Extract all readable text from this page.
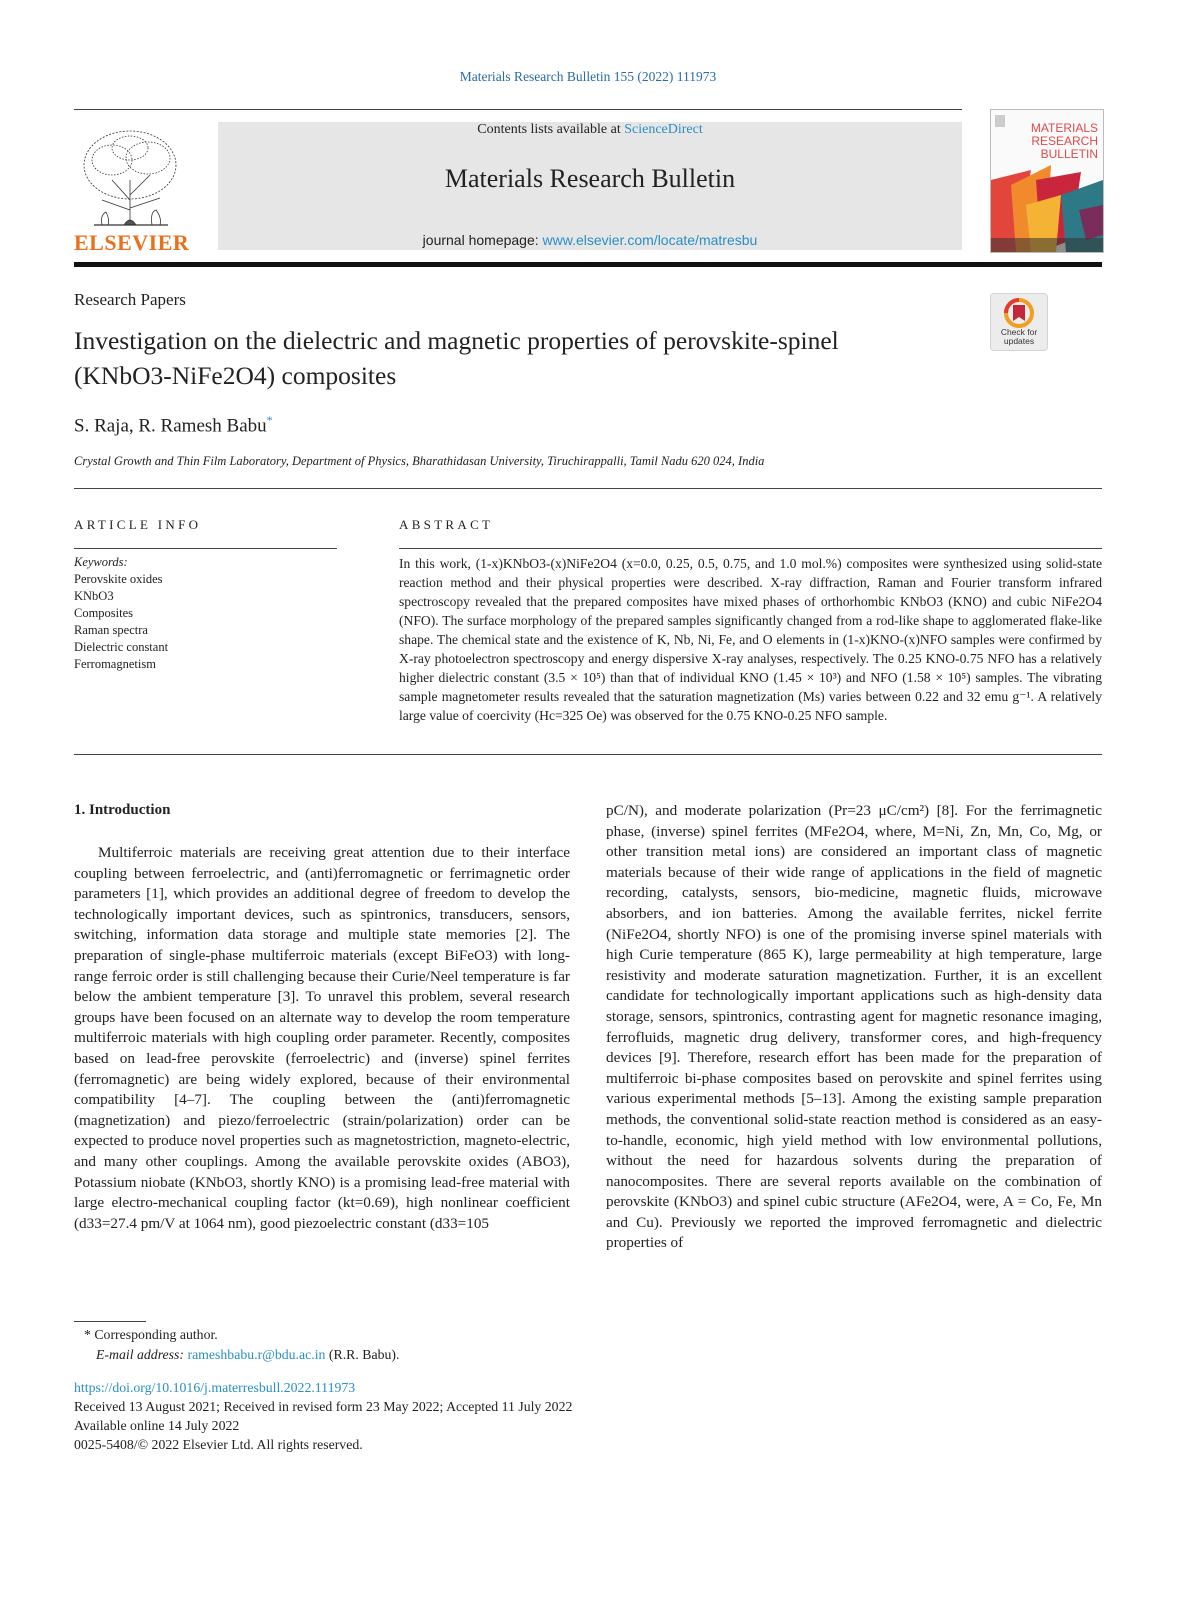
Materials Research Bulletin 155 (2022) 111973
ELSEVIER
Contents lists available at ScienceDirect
Materials Research Bulletin
journal homepage: www.elsevier.com/locate/matresbu
MATERIALS
RESEARCH
BULLETIN
Research Papers
Check for updates
Investigation on the dielectric and magnetic properties of perovskite-spinel
(KNbO3-NiFe2O4) composites
S. Raja, R. Ramesh Babu*
Crystal Growth and Thin Film Laboratory, Department of Physics, Bharathidasan University, Tiruchirappalli, Tamil Nadu 620 024, India
ARTICLE INFO	ABSTRACT
Keywords:
Perovskite oxides
KNbO3
Composites
Raman spectra
Dielectric constant
Ferromagnetism
In this work, (1-x)KNbO3-(x)NiFe2O4 (x=0.0, 0.25, 0.5, 0.75, and 1.0 mol.%) composites were synthesized using solid-state reaction method and their physical properties were described. X-ray diffraction, Raman and Fourier transform infrared spectroscopy revealed that the prepared composites have mixed phases of orthorhombic KNbO3 (KNO) and cubic NiFe2O4 (NFO). The surface morphology of the prepared samples significantly changed from a rod-like shape to agglomerated flake-like shape. The chemical state and the existence of K, Nb, Ni, Fe, and O elements in (1-x)KNO-(x)NFO samples were confirmed by X-ray photoelectron spectroscopy and energy dispersive X-ray analyses, respectively. The 0.25 KNO-0.75 NFO has a relatively higher dielectric constant (3.5 × 10⁵) than that of individual KNO (1.45 × 10³) and NFO (1.58 × 10⁵) samples. The vibrating sample magnetometer results revealed that the saturation magnetization (Ms) varies between 0.22 and 32 emu g⁻¹. A relatively large value of coercivity (Hc=325 Oe) was observed for the 0.75 KNO-0.25 NFO sample.
1. Introduction
Multiferroic materials are receiving great attention due to their interface coupling between ferroelectric, and (anti)ferromagnetic or ferrimagnetic order parameters [1], which provides an additional degree of freedom to develop the technologically important devices, such as spintronics, transducers, sensors, switching, information data storage and multiple state memories [2]. The preparation of single-phase multiferroic materials (except BiFeO3) with long-range ferroic order is still challenging because their Curie/Neel temperature is far below the ambient temperature [3]. To unravel this problem, several research groups have been focused on an alternate way to develop the room temperature multiferroic materials with high coupling order parameter. Recently, composites based on lead-free perovskite (ferroelectric) and (inverse) spinel ferrites (ferromagnetic) are being widely explored, because of their environmental compatibility [4–7]. The coupling between the (anti)ferromagnetic (magnetization) and piezo/ferroelectric (strain/polarization) order can be expected to produce novel properties such as magnetostriction, magneto-electric, and many other couplings. Among the available perovskite oxides (ABO3), Potassium niobate (KNbO3, shortly KNO) is a promising lead-free material with large electro-mechanical coupling factor (kt=0.69), high nonlinear coefficient (d33=27.4 pm/V at 1064 nm), good piezoelectric constant (d33=105
pC/N), and moderate polarization (Pr=23 μC/cm²) [8]. For the ferrimagnetic phase, (inverse) spinel ferrites (MFe2O4, where, M=Ni, Zn, Mn, Co, Mg, or other transition metal ions) are considered an important class of magnetic materials because of their wide range of applications in the field of magnetic recording, catalysts, sensors, bio-medicine, magnetic fluids, microwave absorbers, and ion batteries. Among the available ferrites, nickel ferrite (NiFe2O4, shortly NFO) is one of the promising inverse spinel materials with high Curie temperature (865 K), large permeability at high temperature, large resistivity and moderate saturation magnetization. Further, it is an excellent candidate for technologically important applications such as high-density data storage, sensors, spintronics, contrasting agent for magnetic resonance imaging, ferrofluids, magnetic drug delivery, transformer cores, and high-frequency devices [9]. Therefore, research effort has been made for the preparation of multiferroic bi-phase composites based on perovskite and spinel ferrites using various experimental methods [5–13]. Among the existing sample preparation methods, the conventional solid-state reaction method is considered as an easy-to-handle, economic, high yield method with low environmental pollutions, without the need for hazardous solvents during the preparation of nanocomposites. There are several reports available on the combination of perovskite (KNbO3) and spinel cubic structure (AFe2O4, were, A = Co, Fe, Mn and Cu). Previously we reported the improved ferromagnetic and dielectric properties of
* Corresponding author.
E-mail address: rameshbabu.r@bdu.ac.in (R.R. Babu).
https://doi.org/10.1016/j.materresbull.2022.111973
Received 13 August 2021; Received in revised form 23 May 2022; Accepted 11 July 2022
Available online 14 July 2022
0025-5408/© 2022 Elsevier Ltd. All rights reserved.
